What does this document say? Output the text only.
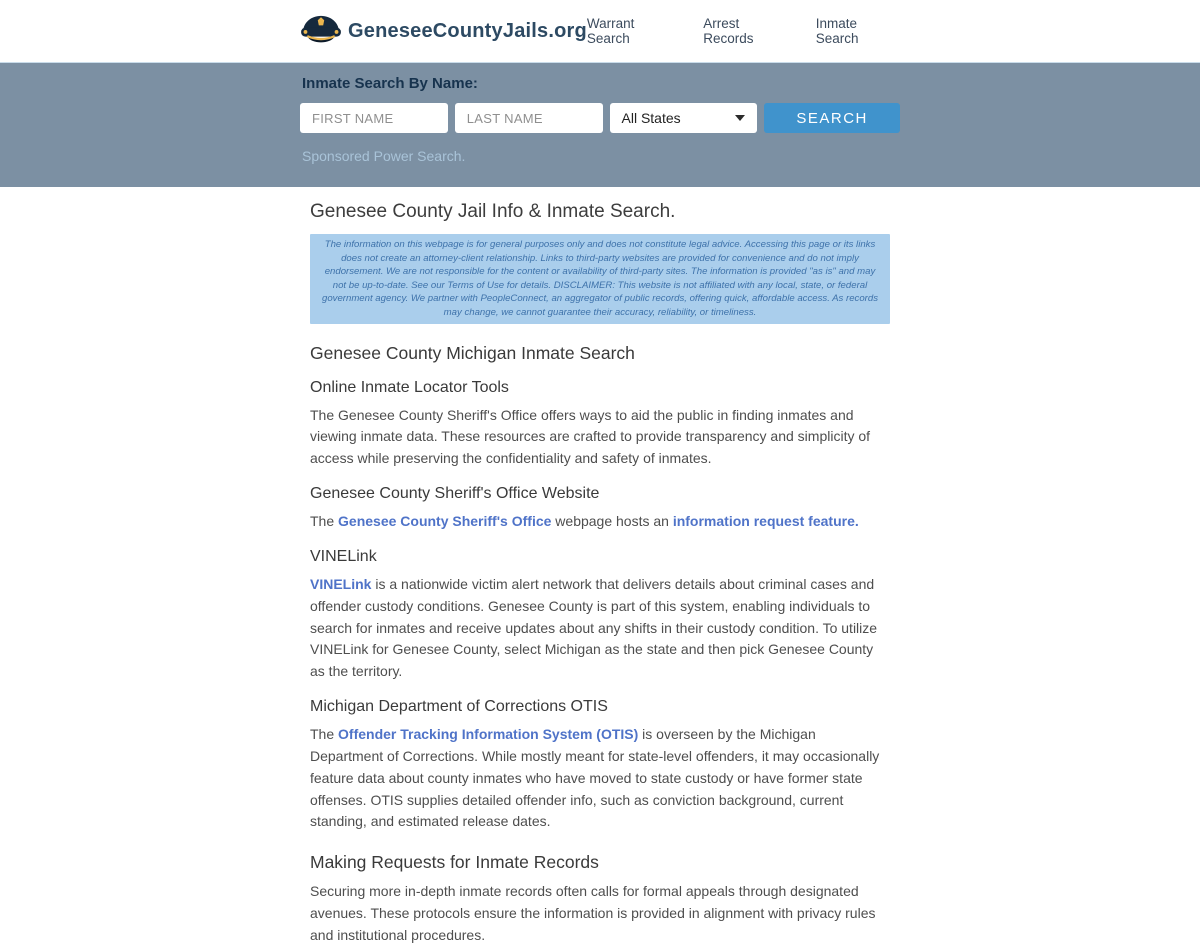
GeneseeCountyJails.org Warrant Search
Arrest Records
Inmate Search
Inmate Search By Name:
FIRST NAME
LAST NAME
All States	SEARCH
Sponsored Power Search.
Genesee County Jail Info & Inmate Search.
The information on this webpage is for general purposes only and does not constitute legal advice. Accessing this page or its links does not create an attorney-client relationship. Links to third-party websites are provided for convenience and do not imply endorsement. We are not responsible for the content or availability of third-party sites. The information is provided "as is" and may not be up-to-date. See our Terms of Use for details. DISCLAIMER: This website is not affiliated with any local, state, or federal government agency. We partner with PeopleConnect, an aggregator of public records, offering quick, affordable access. As records may change, we cannot guarantee their accuracy, reliability, or timeliness.
Genesee County Michigan Inmate Search
Online Inmate Locator Tools

The Genesee County Sheriff's Office offers ways to aid the public in finding inmates and viewing inmate data. These resources are crafted to provide transparency and simplicity of access while preserving the confidentiality and safety of inmates.

Genesee County Sheriff's Office Website

The Genesee County Sheriff's Office webpage hosts an information request feature.

VINELink

VINELink is a nationwide victim alert network that delivers details about criminal cases and offender custody conditions. Genesee County is part of this system, enabling individuals to search for inmates and receive updates about any shifts in their custody condition. To utilize VINELink for Genesee County, select Michigan as the state and then pick Genesee County as the territory.

Michigan Department of Corrections OTIS

The Offender Tracking Information System (OTIS) is overseen by the Michigan Department of Corrections. While mostly meant for state-level offenders, it may occasionally feature data about county inmates who have moved to state custody or have former state offenses. OTIS supplies detailed offender info, such as conviction background, current standing, and estimated release dates.

Making Requests for Inmate Records

Securing more in-depth inmate records often calls for formal appeals through designated avenues. These protocols ensure the information is provided in alignment with privacy rules and institutional procedures.
